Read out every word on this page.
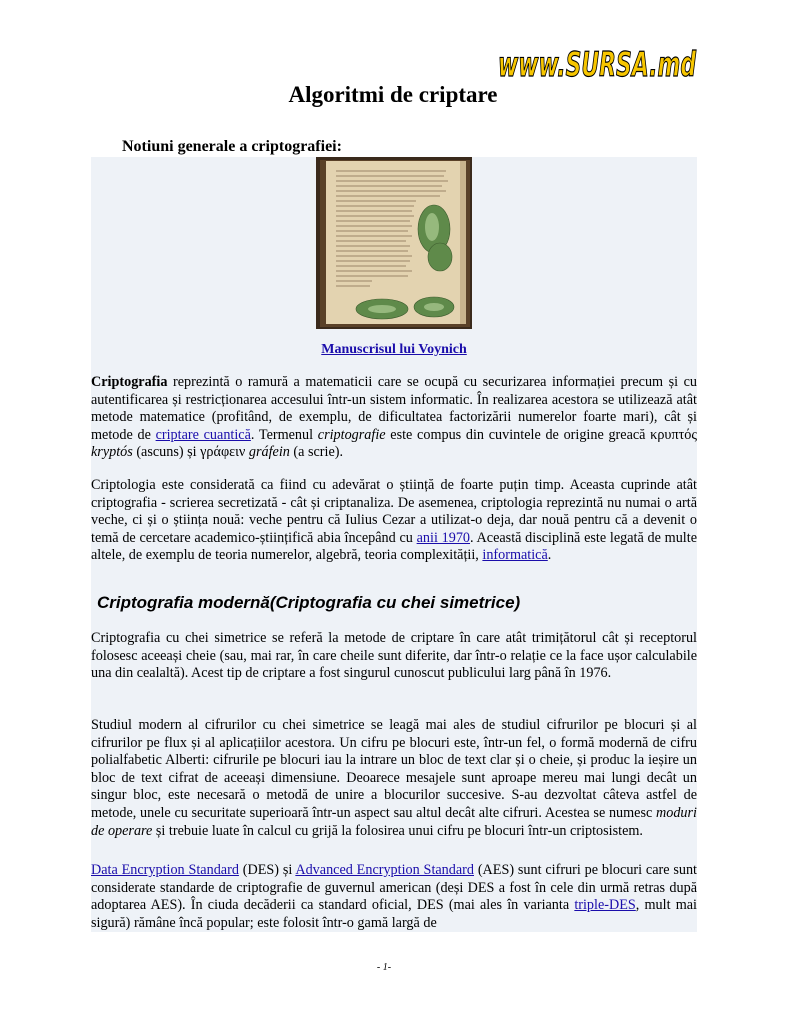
www.SURSA.md
Algoritmi de criptare
Notiuni generale a criptografiei:
Manuscrisul lui Voynich

Criptografia reprezintă o ramură a matematicii care se ocupă cu securizarea informației precum și cu autentificarea și restricționarea accesului într-un sistem informatic. În realizarea acestora se utilizează atât metode matematice (profitând, de exemplu, de dificultatea factorizării numerelor foarte mari), cât și metode de criptare cuantică. Termenul criptografie este compus din cuvintele de origine greacă κρυπτός kryptós (ascuns) și γράφειν gráfein (a scrie).

Criptologia este considerată ca fiind cu adevărat o știință de foarte puțin timp. Aceasta cuprinde atât criptografia - scrierea secretizată - cât și criptanaliza. De asemenea, criptologia reprezintă nu numai o artă veche, ci și o știința nouă: veche pentru că Iulius Cezar a utilizat-o deja, dar nouă pentru că a devenit o temă de cercetare academico-științifică abia începând cu anii 1970. Această disciplină este legată de multe altele, de exemplu de teoria numerelor, algebră, teoria complexității, informatică.

Criptografia modernă(Criptografia cu chei simetrice)

Criptografia cu chei simetrice se referă la metode de criptare în care atât trimițătorul cât și receptorul folosesc aceeași cheie (sau, mai rar, în care cheile sunt diferite, dar într-o relație ce la face ușor calculabile una din cealaltă). Acest tip de criptare a fost singurul cunoscut publicului larg până în 1976.

Studiul modern al cifrurilor cu chei simetrice se leagă mai ales de studiul cifrurilor pe blocuri și al cifrurilor pe flux și al aplicațiilor acestora. Un cifru pe blocuri este, într-un fel, o formă modernă de cifru polialfabetic Alberti: cifrurile pe blocuri iau la intrare un bloc de text clar și o cheie, și produc la ieșire un bloc de text cifrat de aceeași dimensiune. Deoarece mesajele sunt aproape mereu mai lungi decât un singur bloc, este necesară o metodă de unire a blocurilor succesive. S-au dezvoltat câteva astfel de metode, unele cu securitate superioară într-un aspect sau altul decât alte cifruri. Acestea se numesc moduri de operare și trebuie luate în calcul cu grijă la folosirea unui cifru pe blocuri într-un criptosistem.

Data Encryption Standard (DES) și Advanced Encryption Standard (AES) sunt cifruri pe blocuri care sunt considerate standarde de criptografie de guvernul american (deși DES a fost în cele din urmă retras după adoptarea AES). În ciuda decăderii ca standard oficial, DES (mai ales în varianta triple-DES, mult mai sigură) rămâne încă popular; este folosit într-o gamă largă de

- 1-
